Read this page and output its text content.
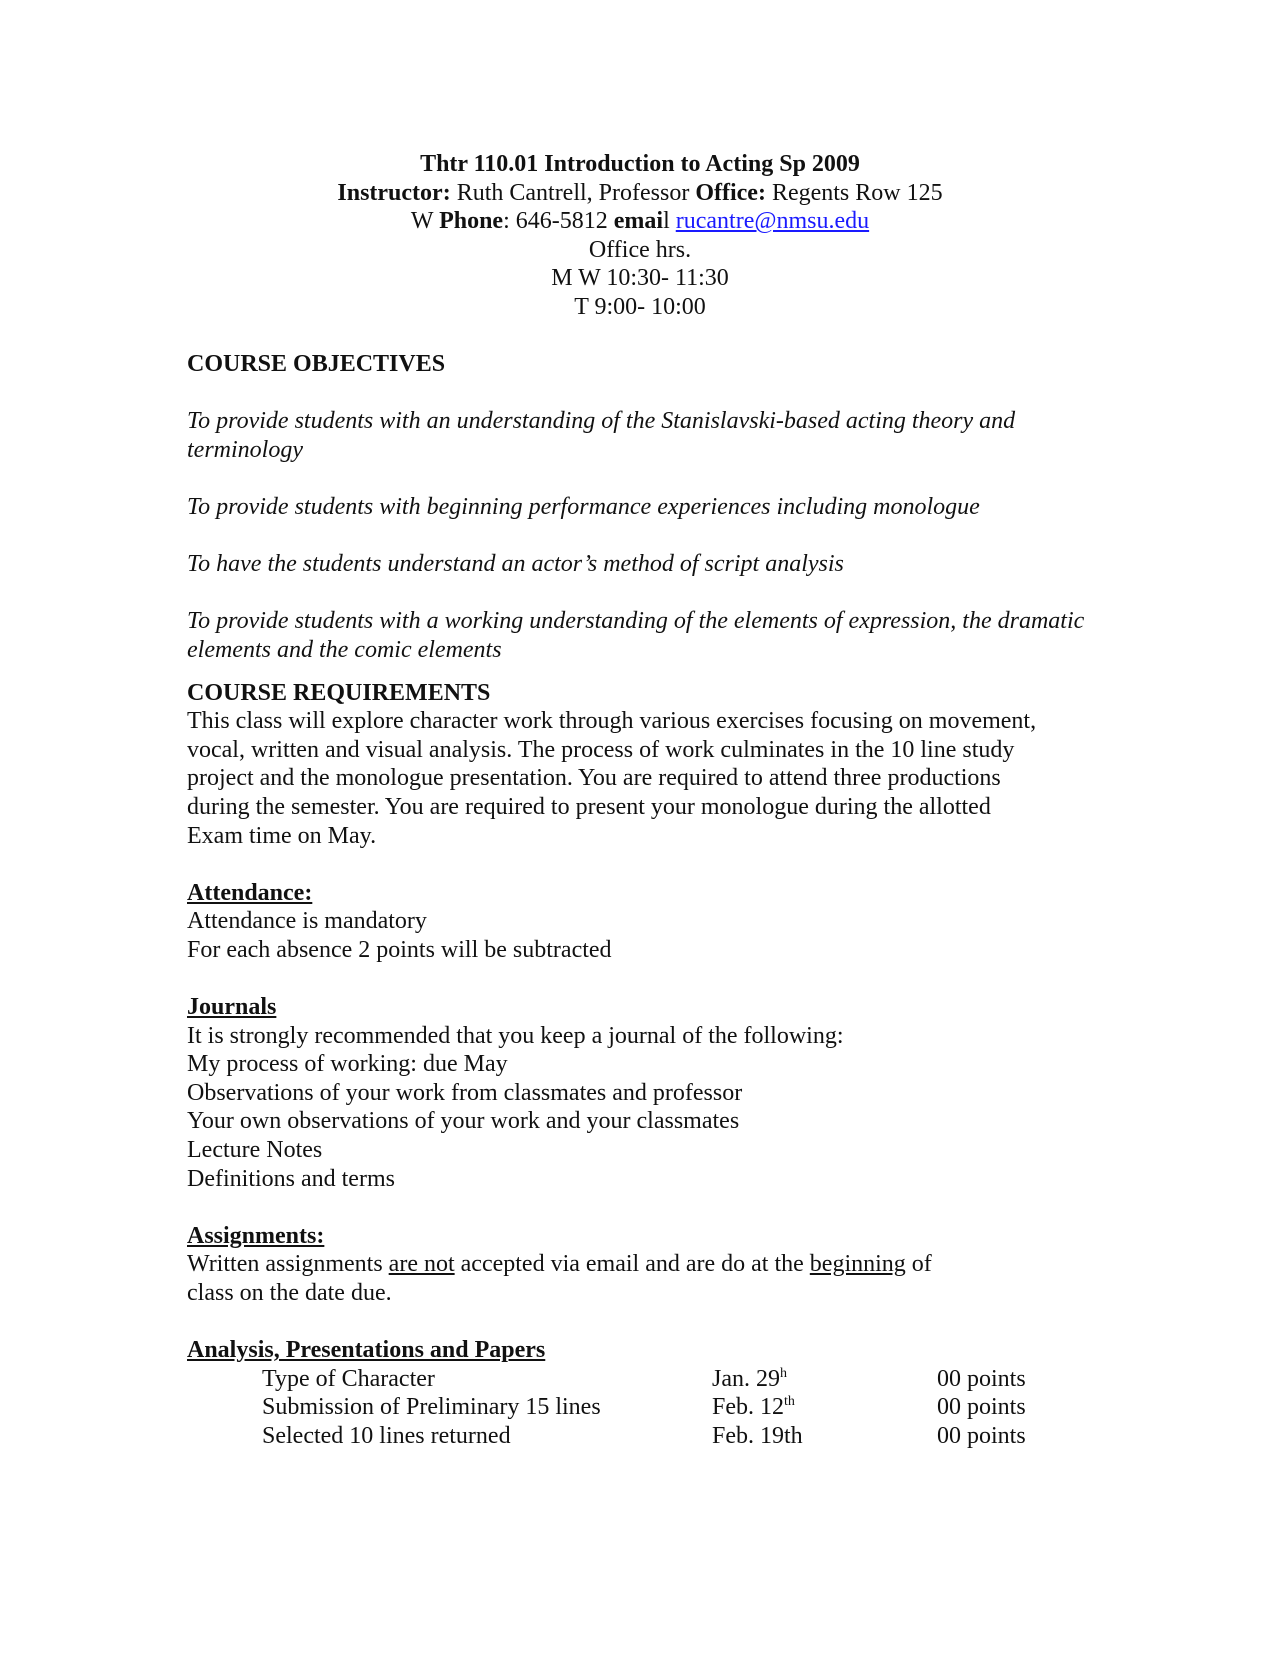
Thtr 110.01 Introduction to Acting Sp 2009
Instructor: Ruth Cantrell, Professor Office: Regents Row 125
W Phone: 646-5812 email rucantre@nmsu.edu
Office hrs.
M W 10:30- 11:30
T 9:00- 10:00

COURSE OBJECTIVES

To provide students with an understanding of the Stanislavski-based acting theory and terminology

To provide students with beginning performance experiences including monologue

To have the students understand an actor’s method of script analysis

To provide students with a working understanding of the elements of expression, the dramatic elements and the comic elements

COURSE REQUIREMENTS

This class will explore character work through various exercises focusing on movement,

vocal, written and visual analysis. The process of work culminates in the 10 line study

project and the monologue presentation. You are required to attend three productions

during the semester. You are required to present your monologue during the allotted

Exam time on May.

Attendance:

Attendance is mandatory

For each absence 2 points will be subtracted

Journals

It is strongly recommended that you keep a journal of the following:

My process of working: due May

Observations of your work from classmates and professor

Your own observations of your work and your classmates

Lecture Notes

Definitions and terms

Assignments:

Written assignments are not accepted via email and are do at the beginning of

class on the date due.

Analysis, Presentations and Papers

Type of Character	Jan. 29$^h$	00 points
Submission of Preliminary 15 lines	Feb. 12th	00 points
Selected 10 lines returned	Feb. 19th	00 points
